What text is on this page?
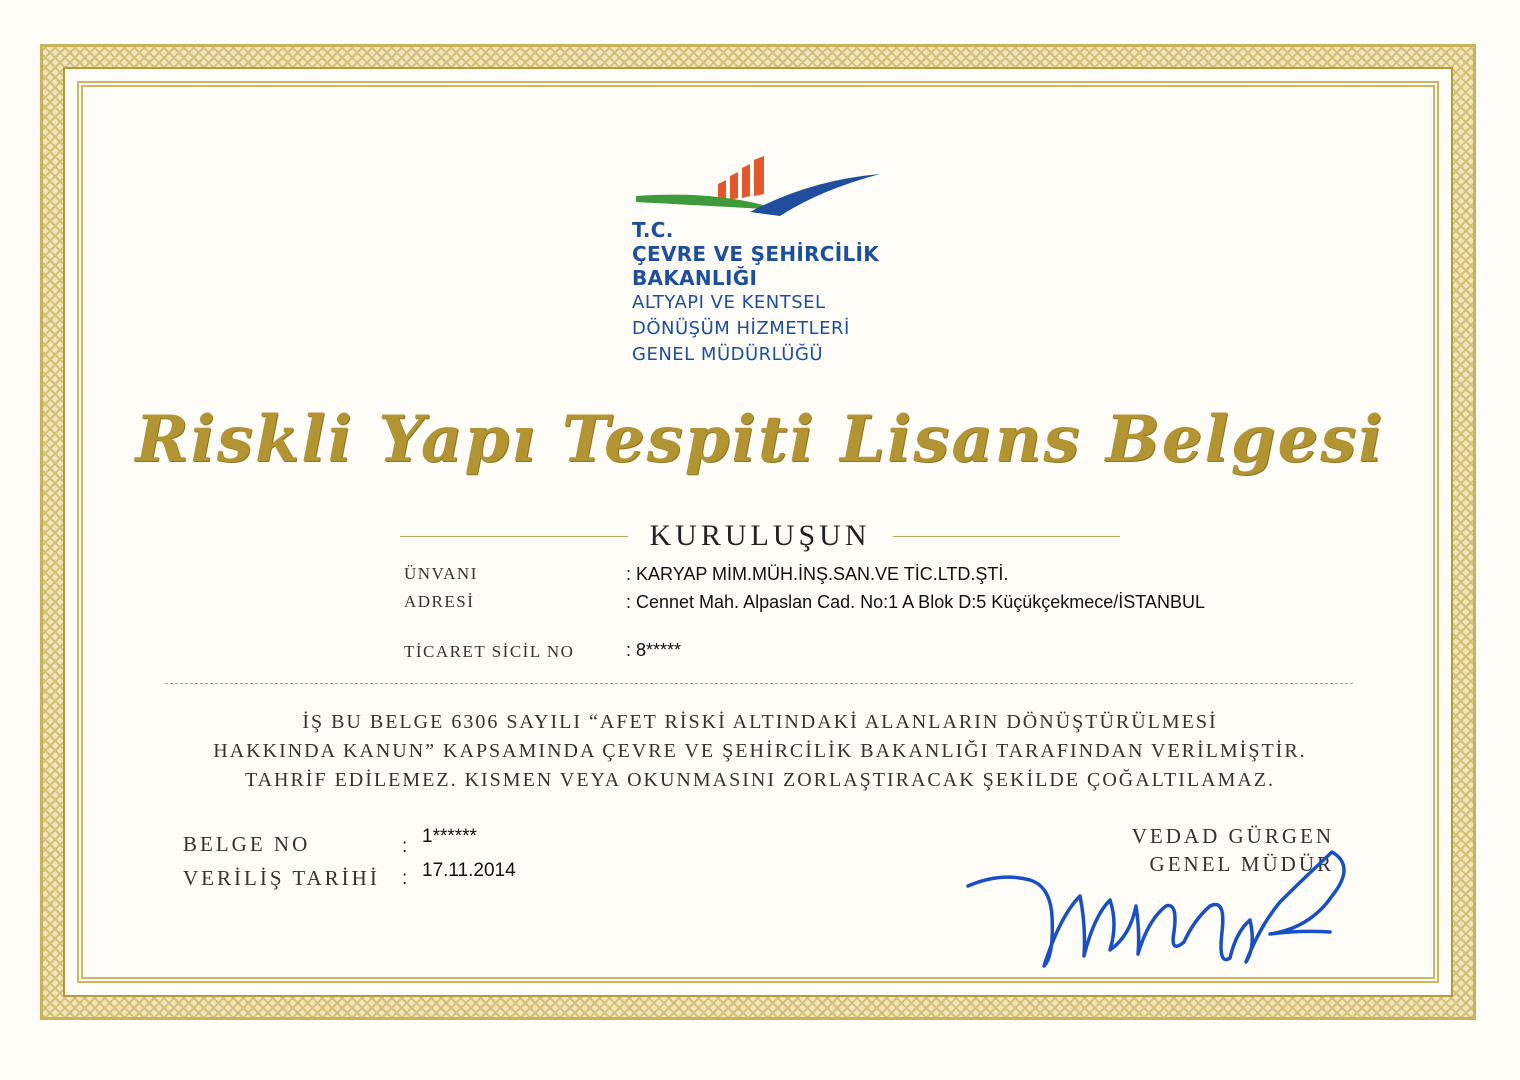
T.C.
ÇEVRE VE ŞEHİRCİLİK
BAKANLIĞI
ALTYAPI VE KENTSEL
DÖNÜŞÜM HİZMETLERİ
GENEL MÜDÜRLÜĞÜ
Riskli Yapı Tespiti Lisans Belgesi
KURULUŞUN
ÜNVANI	: KARYAP MİM.MÜH.İNŞ.SAN.VE TİC.LTD.ŞTİ.
ADRESİ	: Cennet Mah. Alpaslan Cad. No:1 A Blok D:5 Küçükçekmece/İSTANBUL
TİCARET SİCİL NO	: 8*****
İŞ BU BELGE 6306 SAYILI “AFET RİSKİ ALTINDAKİ ALANLARIN DÖNÜŞTÜRÜLMESİ
HAKKINDA KANUN” KAPSAMINDA ÇEVRE VE ŞEHİRCİLİK BAKANLIĞI TARAFINDAN VERİLMİŞTİR.
TAHRİF EDİLEMEZ. KISMEN VEYA OKUNMASINI ZORLAŞTIRACAK ŞEKİLDE ÇOĞALTILAMAZ.
BELGE NO	: 1******
VERİLİŞ TARİHİ : 17.11.2014
VEDAD GÜRGEN
GENEL MÜDÜR
